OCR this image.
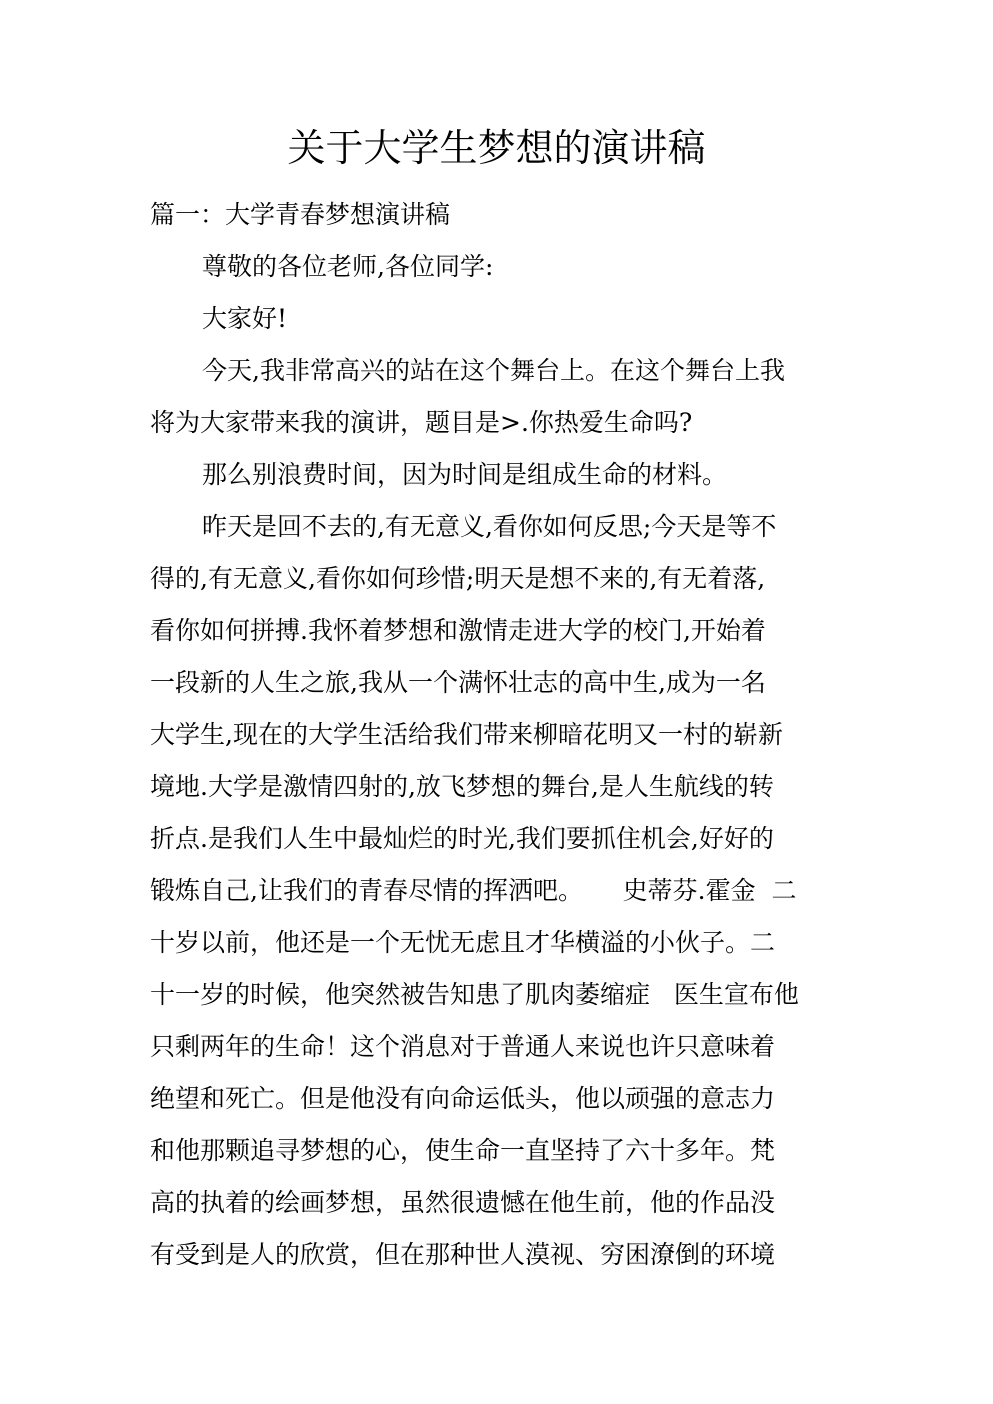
关于大学生梦想的演讲稿

篇一：大学青春梦想演讲稿

尊敬的各位老师,各位同学:

大家好!

今天,我非常高兴的站在这个舞台上。在这个舞台上我

将为大家带来我的演讲，题目是>.你热爱生命吗?

那么别浪费时间，因为时间是组成生命的材料。

昨天是回不去的,有无意义,看你如何反思;今天是等不

得的,有无意义,看你如何珍惜;明天是想不来的,有无着落,

看你如何拼搏.我怀着梦想和激情走进大学的校门,开始着

一段新的人生之旅,我从一个满怀壮志的高中生,成为一名

大学生,现在的大学生活给我们带来柳暗花明又一村的崭新

境地.大学是激情四射的,放飞梦想的舞台,是人生航线的转

折点.是我们人生中最灿烂的时光,我们要抓住机会,好好的

锻炼自己,让我们的青春尽情的挥洒吧。     史蒂芬.霍金  二

十岁以前，他还是一个无忧无虑且才华横溢的小伙子。二

十一岁的时候，他突然被告知患了肌肉萎缩症   医生宣布他

只剩两年的生命！这个消息对于普通人来说也许只意味着

绝望和死亡。但是他没有向命运低头，他以顽强的意志力

和他那颗追寻梦想的心，使生命一直坚持了六十多年。梵

高的执着的绘画梦想，虽然很遗憾在他生前，他的作品没

有受到是人的欣赏，但在那种世人漠视、穷困潦倒的环境
